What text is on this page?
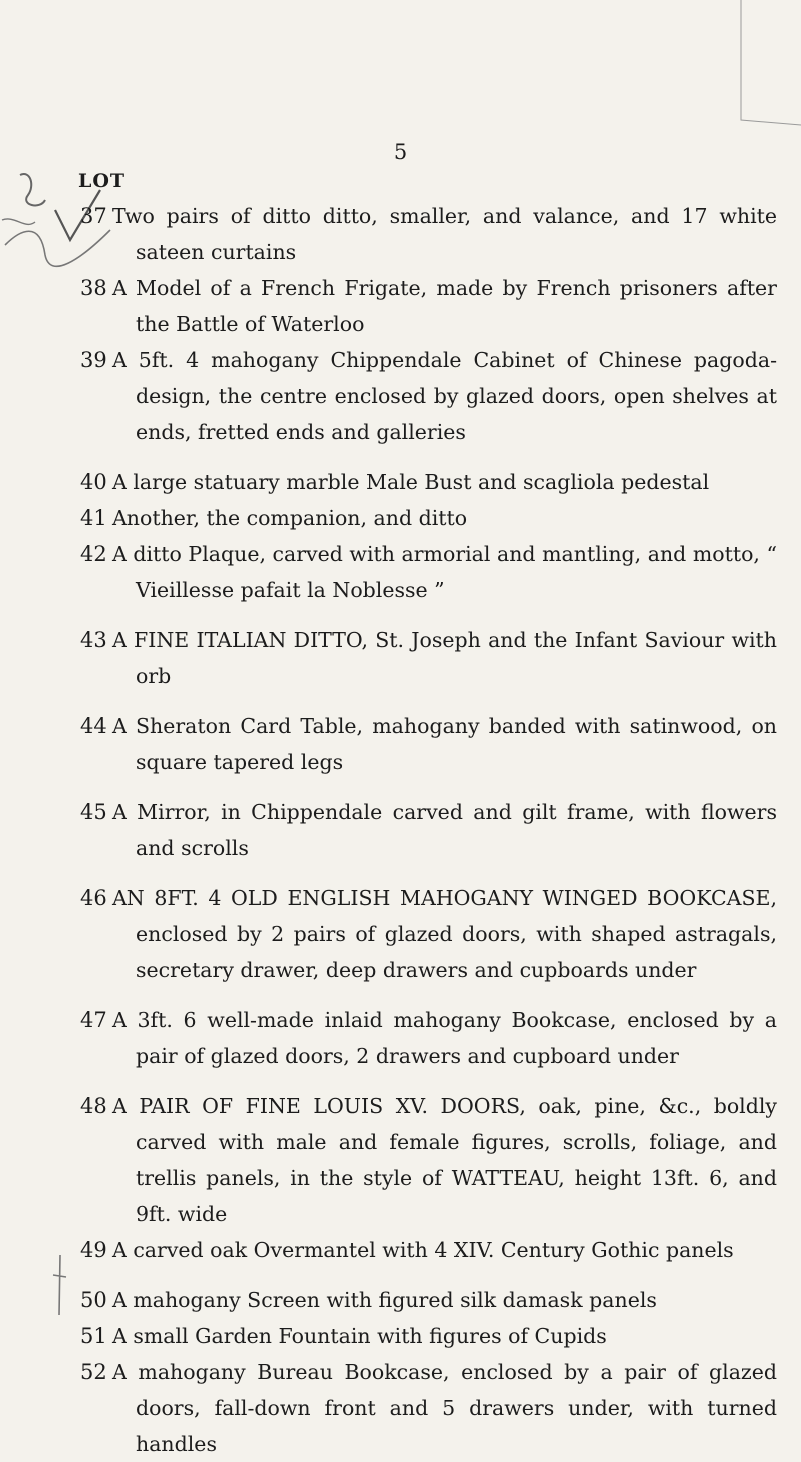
5
LOT
37 Two pairs of ditto ditto, smaller, and valance, and 17 white sateen curtains
38 A Model of a French Frigate, made by French prisoners after the Battle of Waterloo
39 A 5ft. 4 mahogany Chippendale Cabinet of Chinese pagoda-design, the centre enclosed by glazed doors, open shelves at ends, fretted ends and galleries
40 A large statuary marble Male Bust and scagliola pedestal
41 Another, the companion, and ditto
42 A ditto Plaque, carved with armorial and mantling, and motto, “ Vieillesse pafait la Noblesse ”
43 A FINE ITALIAN DITTO, St. Joseph and the Infant Saviour with orb
44 A Sheraton Card Table, mahogany banded with satinwood, on square tapered legs
45 A Mirror, in Chippendale carved and gilt frame, with flowers and scrolls
46 AN 8FT. 4 OLD ENGLISH MAHOGANY WINGED BOOKCASE, enclosed by 2 pairs of glazed doors, with shaped astragals, secretary drawer, deep drawers and cupboards under
47 A 3ft. 6 well-made inlaid mahogany Bookcase, enclosed by a pair of glazed doors, 2 drawers and cupboard under
48 A PAIR OF FINE LOUIS XV. DOORS, oak, pine, &c., boldly carved with male and female figures, scrolls, foliage, and trellis panels, in the style of WATTEAU, height 13ft. 6, and 9ft. wide
49 A carved oak Overmantel with 4 XIV. Century Gothic panels
50 A mahogany Screen with figured silk damask panels
51 A small Garden Fountain with figures of Cupids
52 A mahogany Bureau Bookcase, enclosed by a pair of glazed doors, fall-down front and 5 drawers under, with turned handles
